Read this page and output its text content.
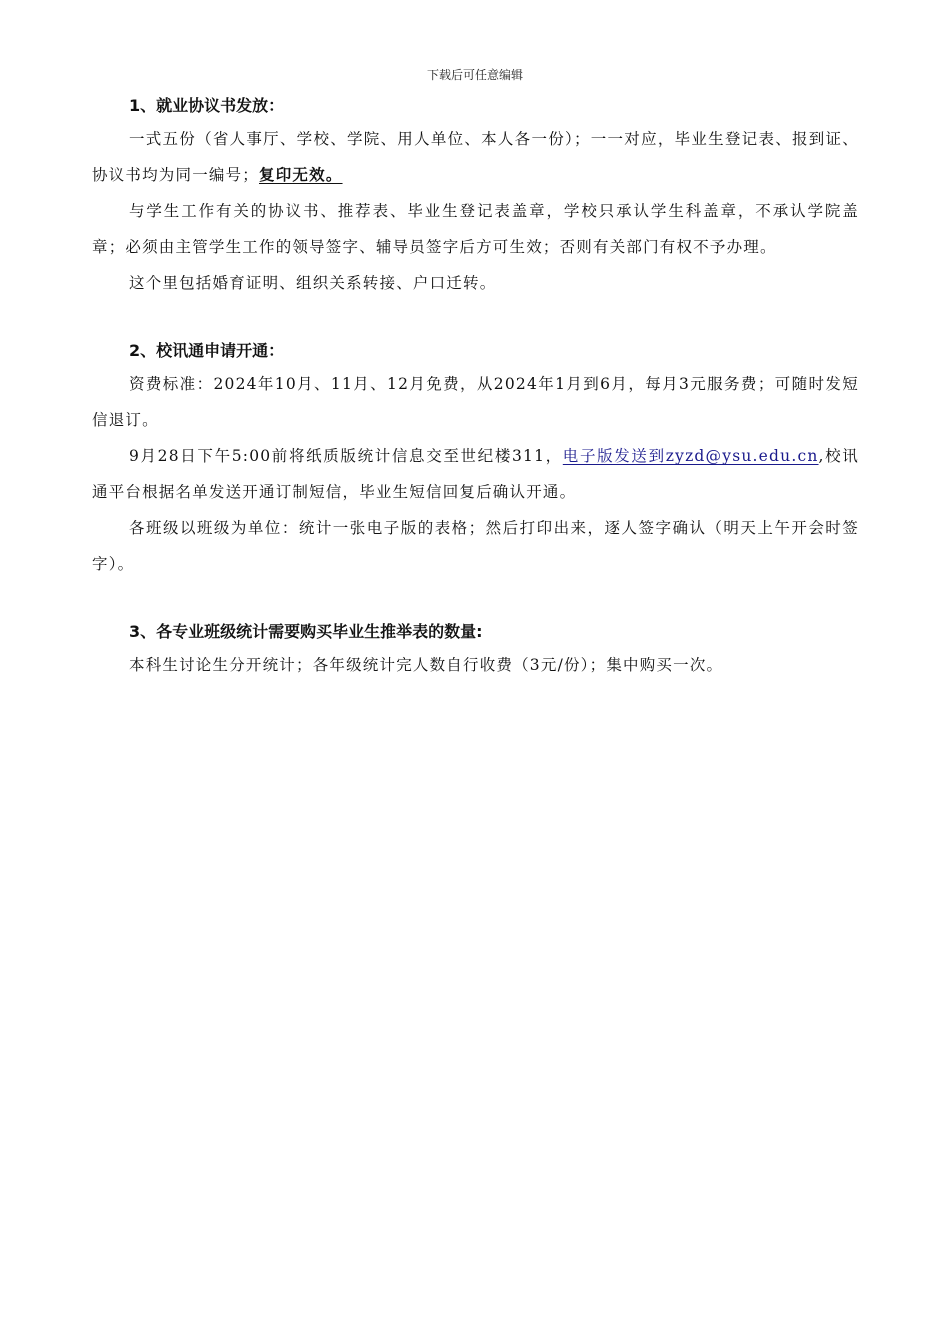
下载后可任意编辑

1、就业协议书发放：

一式五份（省人事厅、学校、学院、用人单位、本人各一份）；一一对应，毕业生登记表、报到证、协议书均为同一编号；复印无效。

与学生工作有关的协议书、推荐表、毕业生登记表盖章，学校只承认学生科盖章，不承认学院盖章；必须由主管学生工作的领导签字、辅导员签字后方可生效；否则有关部门有权不予办理。

这个里包括婚育证明、组织关系转接、户口迁转。

2、校讯通申请开通：

资费标准：2024年10月、11月、12月免费，从2024年1月到6月，每月3元服务费；可随时发短信退订。

9月28日下午5:00前将纸质版统计信息交至世纪楼311，电子版发送到zyzd@ysu.edu.cn,校讯通平台根据名单发送开通订制短信，毕业生短信回复后确认开通。

各班级以班级为单位：统计一张电子版的表格；然后打印出来，逐人签字确认（明天上午开会时签字）。

3、各专业班级统计需要购买毕业生推举表的数量:

本科生讨论生分开统计；各年级统计完人数自行收费（3元/份）；集中购买一次。
